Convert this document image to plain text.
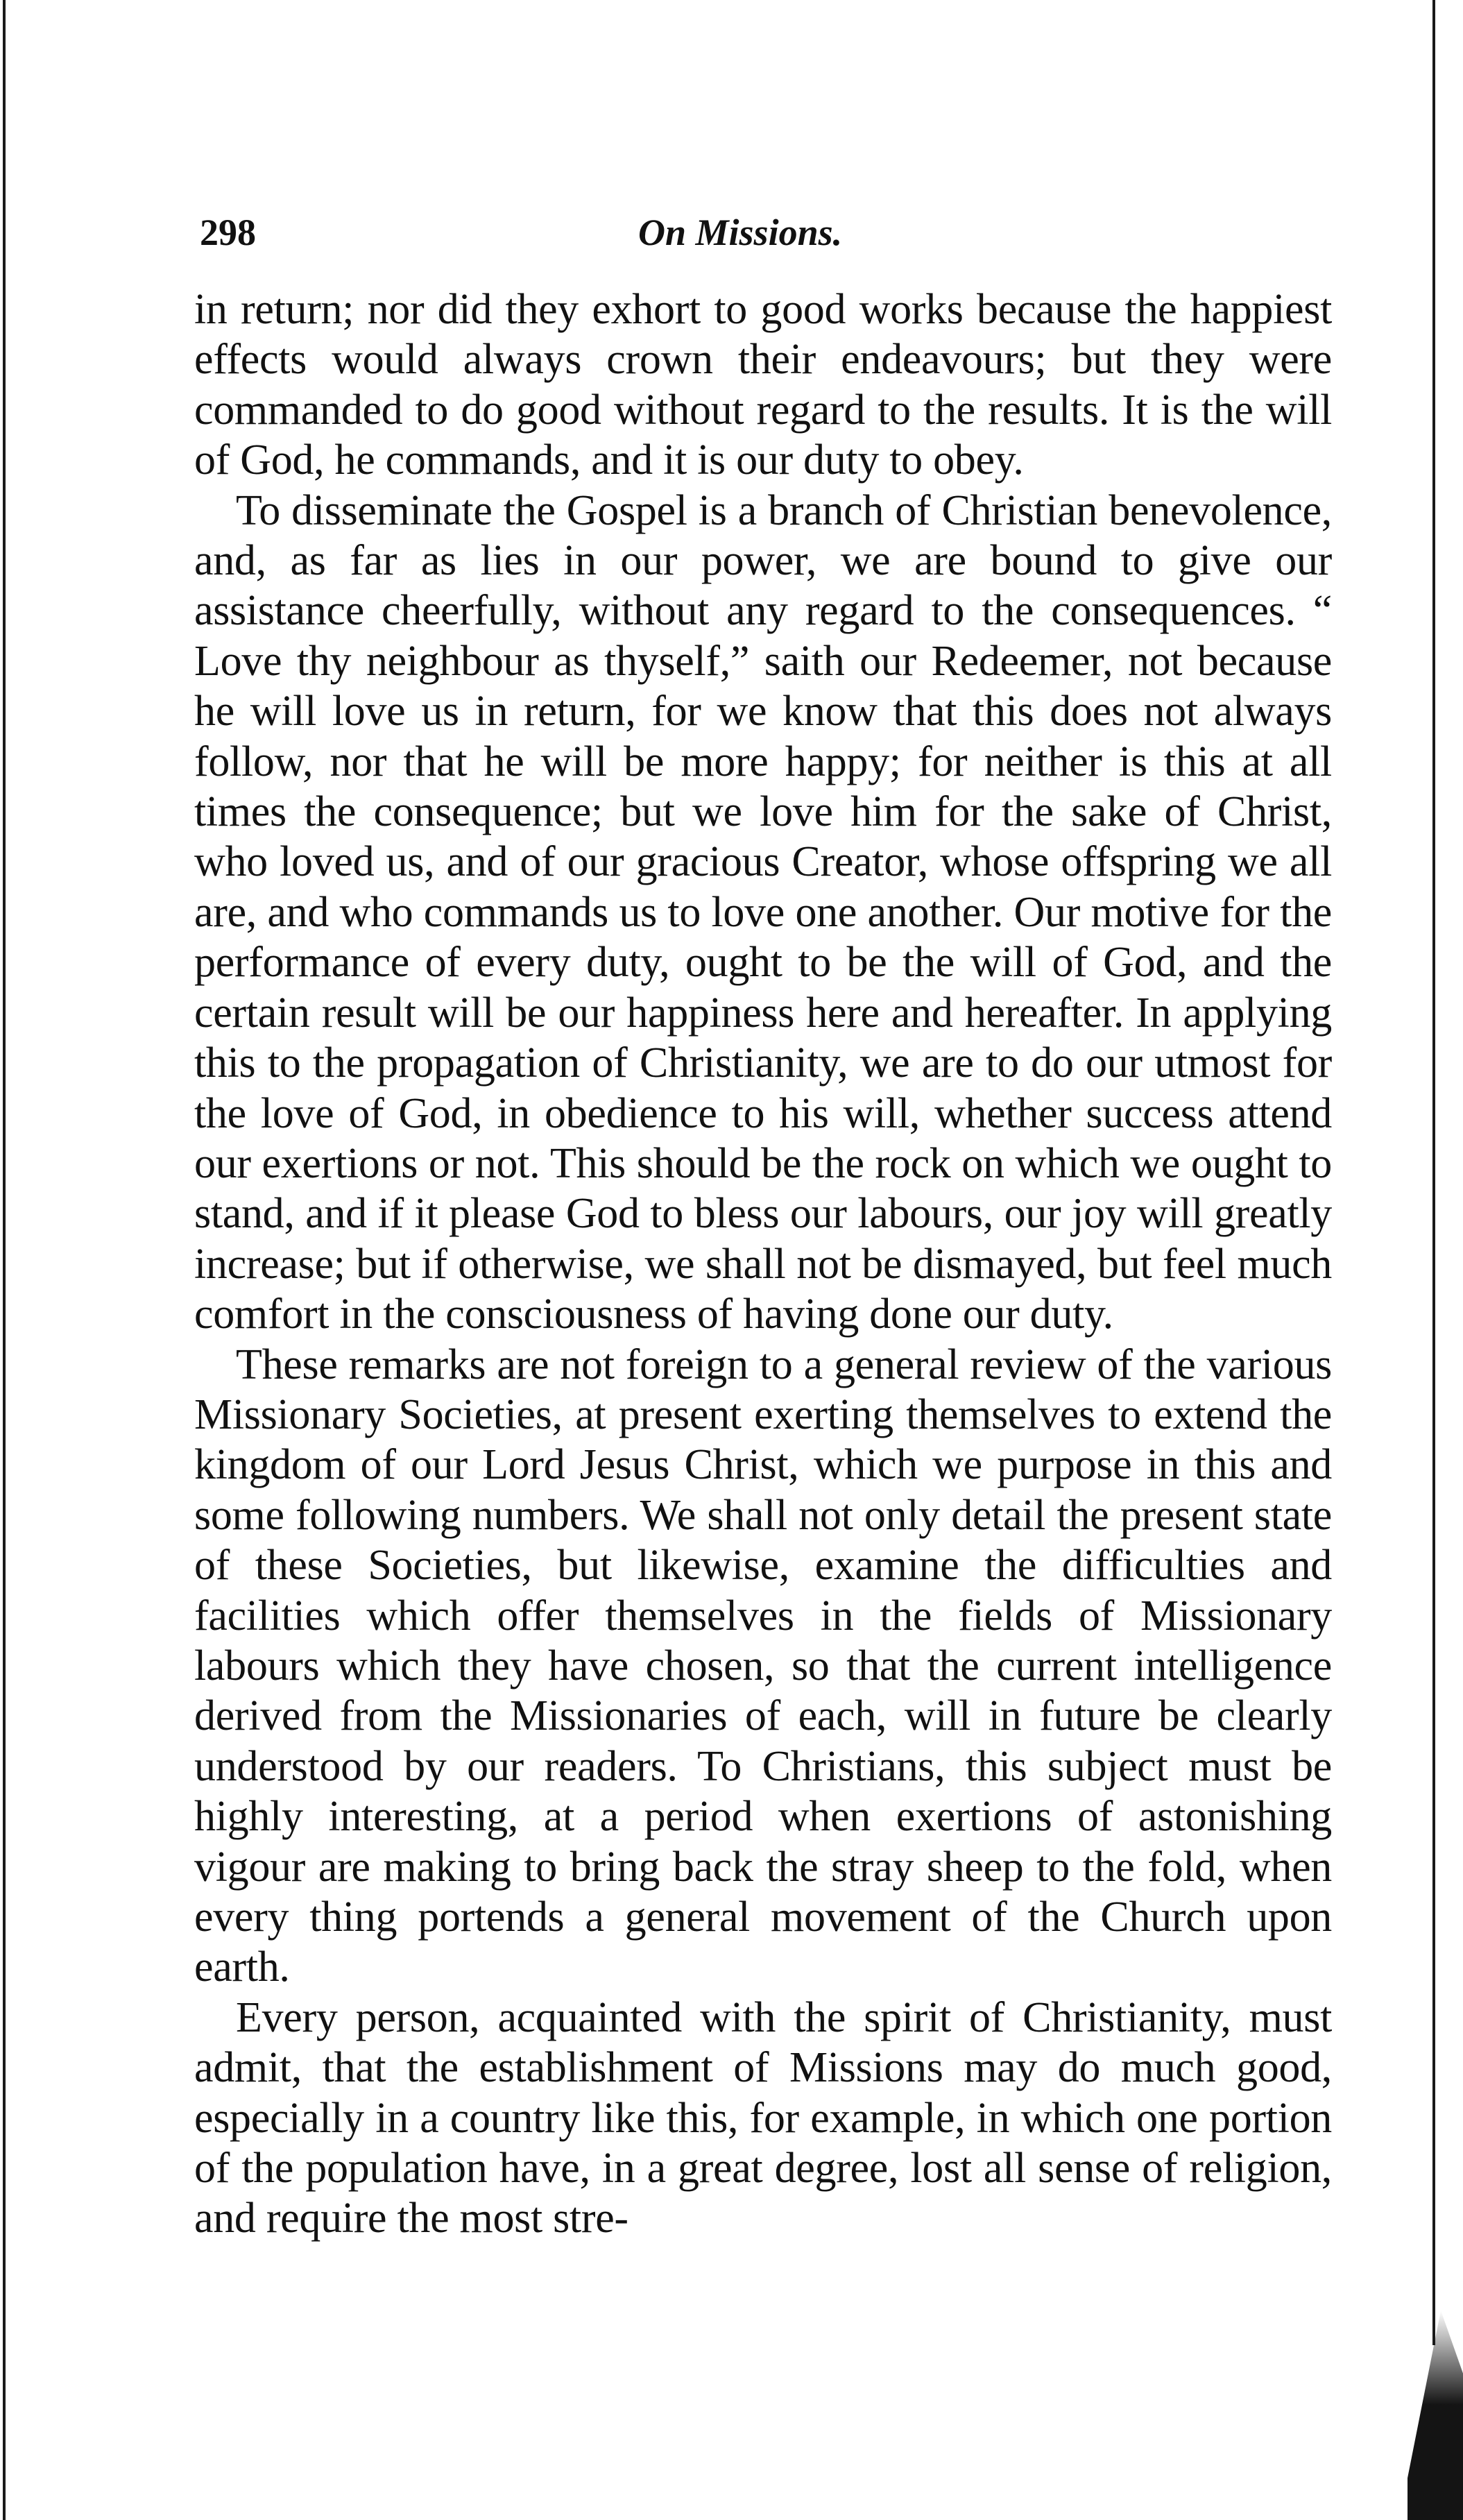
298	On Missions.

in return; nor did they exhort to good works because the happiest effects would always crown their endeavours; but they were commanded to do good without regard to the results. It is the will of God, he commands, and it is our duty to obey.

To disseminate the Gospel is a branch of Christian benevolence, and, as far as lies in our power, we are bound to give our assistance cheerfully, without any regard to the consequences. “ Love thy neighbour as thyself,” saith our Redeemer, not because he will love us in return, for we know that this does not always follow, nor that he will be more happy; for neither is this at all times the consequence; but we love him for the sake of Christ, who loved us, and of our gracious Creator, whose offspring we all are, and who commands us to love one another. Our motive for the performance of every duty, ought to be the will of God, and the certain result will be our happiness here and hereafter. In applying this to the propagation of Christianity, we are to do our utmost for the love of God, in obedience to his will, whether success attend our exertions or not. This should be the rock on which we ought to stand, and if it please God to bless our labours, our joy will greatly increase; but if otherwise, we shall not be dismayed, but feel much comfort in the consciousness of having done our duty.

These remarks are not foreign to a general review of the various Missionary Societies, at present exerting themselves to extend the kingdom of our Lord Jesus Christ, which we purpose in this and some following numbers. We shall not only detail the present state of these Societies, but likewise, examine the difficulties and facilities which offer themselves in the fields of Missionary labours which they have chosen, so that the current intelligence derived from the Missionaries of each, will in future be clearly understood by our readers. To Christians, this subject must be highly interesting, at a period when exertions of astonishing vigour are making to bring back the stray sheep to the fold, when every thing portends a general movement of the Church upon earth.

Every person, acquainted with the spirit of Christianity, must admit, that the establishment of Missions may do much good, especially in a country like this, for example, in which one portion of the population have, in a great degree, lost all sense of religion, and require the most stre-
